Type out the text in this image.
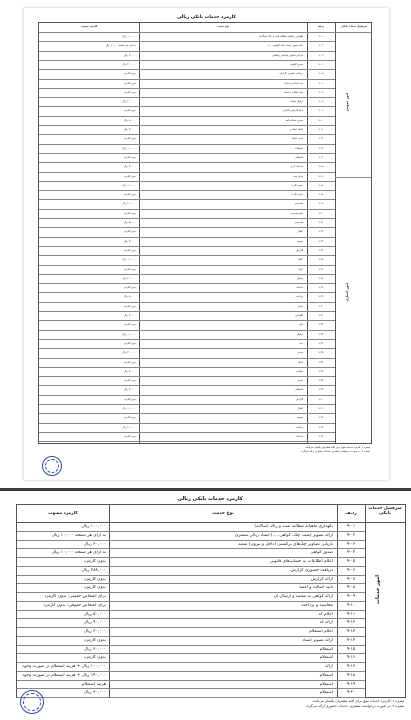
کارمزد خدمات بانکی ریالی
سرفصل خدمات بانکی
ردیف
نوع خدمت
کارمزد مصوب
امور عمومی
امور اعتباری
۹-۰۱
نگهداری ماهیانه مطالبه شده و راکد (سالانه)
۱۰۰,۰۰۰ ریال
۹-۰۲
ارائه تصویر (سند، چک، گواهی، ...)
به ازای هر صفحه ۱۰,۰۰۰ ریال
۹-۰۳
بازیابی تصاویر چک‌های برگشتی
۳۰,۰۰۰ ریال
۹-۰۴
صدور گواهی
۲۰۰,۰۰۰ ریال
۹-۰۵
دریافت حضوری گزارش
بدون کارمزد
۹-۰۶
ثبت اسناد و مدارک
بدون کارمزد
۹-۰۷
تایید اصالت و امضا
بدون کارمزد
۹-۰۸
ارسال پیامک
۲۰۰,۰۰۰ ریال
۹-۰۹
ارائه گزارش اعتباری
بدون کارمزد
۹-۱۰
صدور ضمانت‌نامه
۵۰,۰۰۰ ریال
۹-۱۱
اعتبار اسنادی
۳۰,۰۰۰ ریال
۹-۱۲
تمدید اعتبار
بدون کارمزد
۹-۱۳
تسهیلات
۱۰۰,۰۰۰ ریال
۹-۱۴
استعلام
بدون کارمزد
۹-۱۵
خدمات ارزی
۳۰,۰۰۰ ریال
۹-۱۶
تبدیل وجه
بدون کارمزد
۹-۱۷
صدور کارت
۱۰۰,۰۰۰ ریال
۹-۱۸
صدور کارت
بدون کارمزد
۹-۱۹
مسدودی
۲۰۰,۰۰۰ ریال
۹-۲۰
رفع مسدودی
بدون کارمزد
۹-۲۱
مسدودی
۵۰,۰۰۰ ریال
۹-۲۲
انتقال
بدون کارمزد
۹-۲۳
تسویه
۳۰,۰۰۰ ریال
۹-۲۴
گزارش
بدون کارمزد
۹-۲۵
اعلام
۱۰۰,۰۰۰ ریال
۹-۲۶
ارائه
بدون کارمزد
۹-۲۷
وصول
۲۰۰,۰۰۰ ریال
۹-۲۸
خدمات
بدون کارمزد
۹-۲۹
پرداخت
۵۰,۰۰۰ ریال
۹-۳۰
صدور
بدون کارمزد
۹-۳۱
نگهداری
۳۰,۰۰۰ ریال
۹-۳۲
تایید
بدون کارمزد
۹-۳۳
ارسال
۱۰۰,۰۰۰ ریال
۹-۳۴
ثبت
بدون کارمزد
۹-۳۵
تمدید
۲۰۰,۰۰۰ ریال
۹-۳۶
اعتبار
بدون کارمزد
۹-۳۷
ضمانت
۵۰,۰۰۰ ریال
۹-۳۸
صدور
بدون کارمزد
۹-۳۹
استعلام
۳۰,۰۰۰ ریال
۹-۴۰
گزارش
بدون کارمزد
۹-۴۱
انتقال
۱۰۰,۰۰۰ ریال
۹-۴۲
تسویه
بدون کارمزد
۹-۴۳
پرداخت
۲۰۰,۰۰۰ ریال
۹-۴۴
خدمات
بدون کارمزد
تبصره ۱: کارمزد خدمات فوق برای کلیه مشتریان یکسان می‌باشد.
تبصره ۲: در صورت درخواست مشتری، خدمات حضوری ارائه می‌گردد.
کارمزد خدمات بانکی ریالی
سرفصل خدمات بانکی
ردیف
نوع خدمت
کارمزد مصوب
امور خدمات
۹-۰۱
نگهداری ماهیانه مطالبه شده و راکد (سالانه)
۱۰۰,۰۰۰ ریال
۹-۰۲
ارائه تصویر (سند، چک، گواهی، ...) اسناد ریالی مشتری
به ازای هر صفحه ۱۰,۰۰۰ ریال
۹-۰۳
بازیابی تصاویر چک‌های برگشتی (داخل و بیرون) شعبه
۳۰,۰۰۰ ریال
۹-۰۴
صدور گواهی
به ازای هر صفحه ۱۰,۰۰۰ ریال
۹-۰۵
اعلام اطلاعات به حساب‌های قانونی
بدون کارمزد
۹-۰۶
دریافت حضوری گزارش
۲۸۸,۰۰۰ ریال
۹-۰۷
ارائه گزارش
بدون کارمزد
۹-۰۸
تأیید اصالت و امضا
بدون کارمزد
۹-۰۹
ارائه گواهی به مقصد و ارسال آن
برای اشخاص حقیقی: بدون کارمزد
۹-۱۰
محاسبه و پرداخت
برای اشخاص حقوقی: بدون کارمزد
۹-۱۱
اعلام کد
۵۰,۰۰۰ ریال
۹-۱۲
ارائه کد
۹۰,۰۰۰ ریال
۹-۱۳
اعلام استعلام
۳۰,۰۰۰ ریال
۹-۱۴
ارائه تصویر اسناد
بدون کارمزد
۹-۱۵
استعلام
۳۰,۰۰۰ ریال
۹-۱۶
استعلام
بدون کارمزد
۹-۱۷
ارائه
۱۰۰,۰۰۰ ریال + هزینه استعلام در صورت وجود
۹-۱۸
استعلام
۱۴۰,۰۰۰ ریال + هزینه استعلام در صورت وجود
۹-۱۹
استعلام
هزینه استعلام
۹-۲۰
استعلام
۳۰,۰۰۰ ریال
تبصره ۱: کارمزد خدمات فوق برای کلیه مشتریان یکسان می‌باشد.
تبصره ۲: در صورت درخواست مشتری، خدمات حضوری ارائه می‌گردد.
